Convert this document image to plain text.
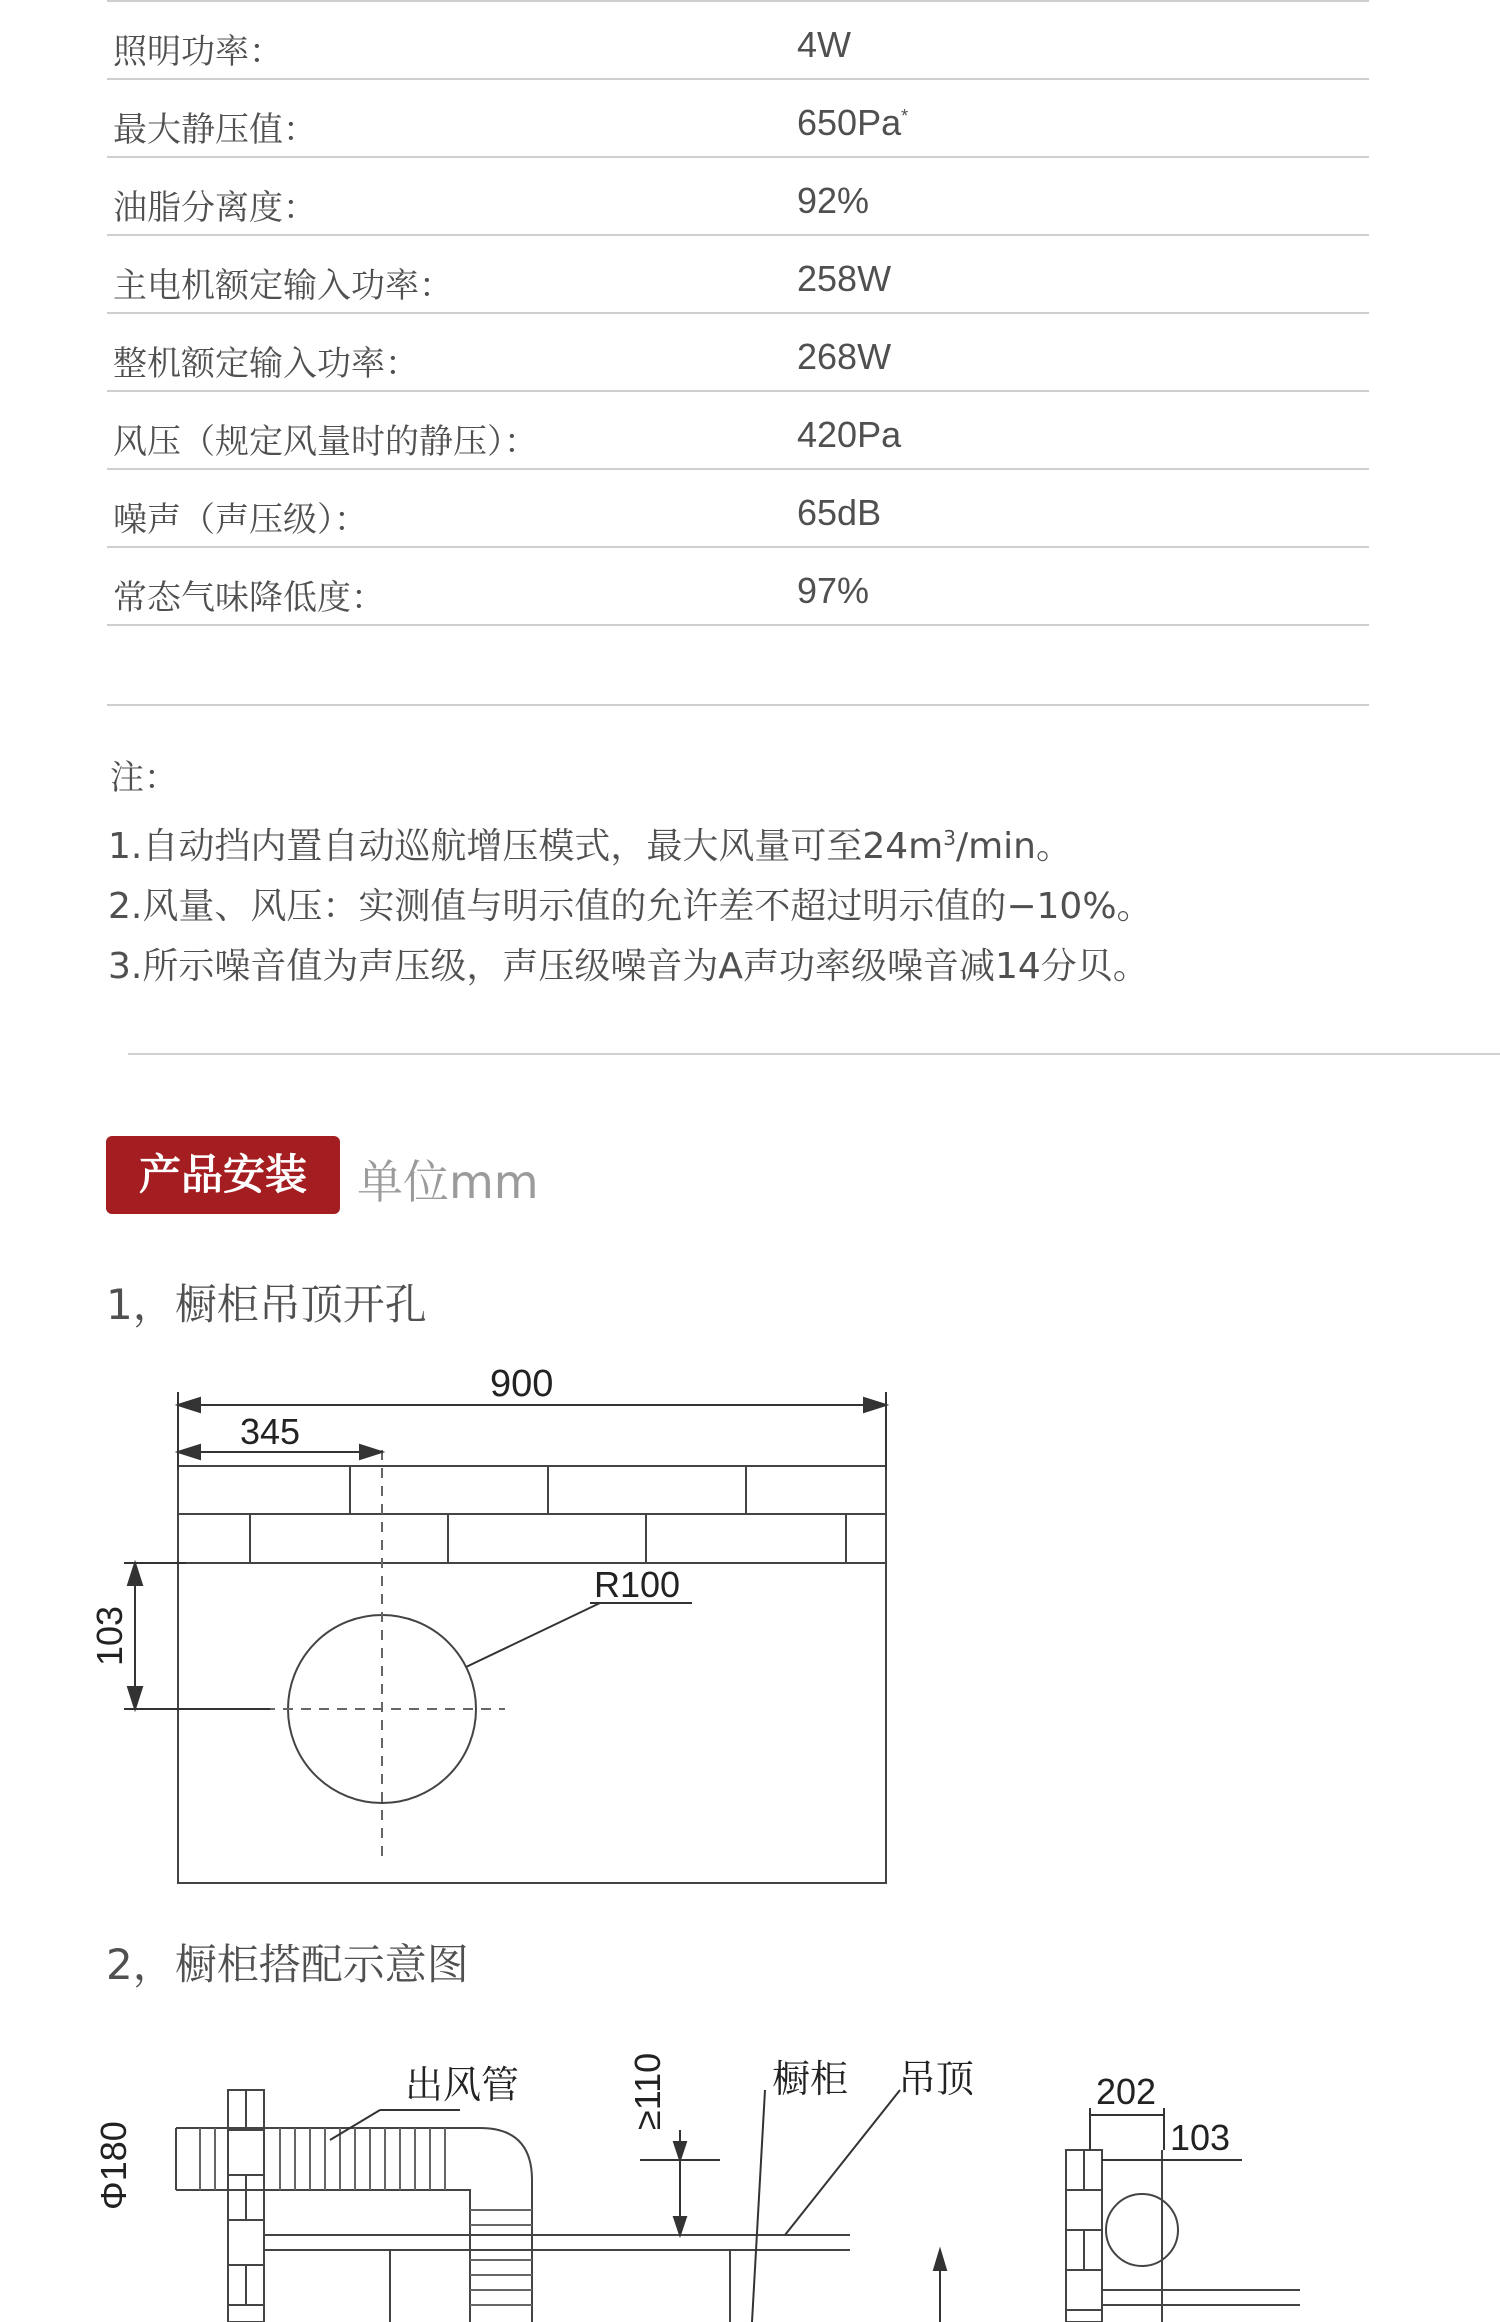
照明功率：	4W
最大静压值：	650Pa*
油脂分离度：	92%
主电机额定输入功率：	258W
整机额定输入功率：	268W
风压（规定风量时的静压）：	420Pa
噪声（声压级）：	65dB
常态气味降低度：	97%
注：
1.自动挡内置自动巡航增压模式，最大风量可至$24m^3/\min$。
2.风量、风压：实测值与明示值的允许差不超过明示值的−10%。
3.所示噪音值为声压级，声压级噪音为A声功率级噪音减14分贝。
产品安装	单位mm
1，橱柜吊顶开孔
900
345
103
R100
2，橱柜搭配示意图
Φ180
出风管	≥110	橱柜 吊顶	202
103
